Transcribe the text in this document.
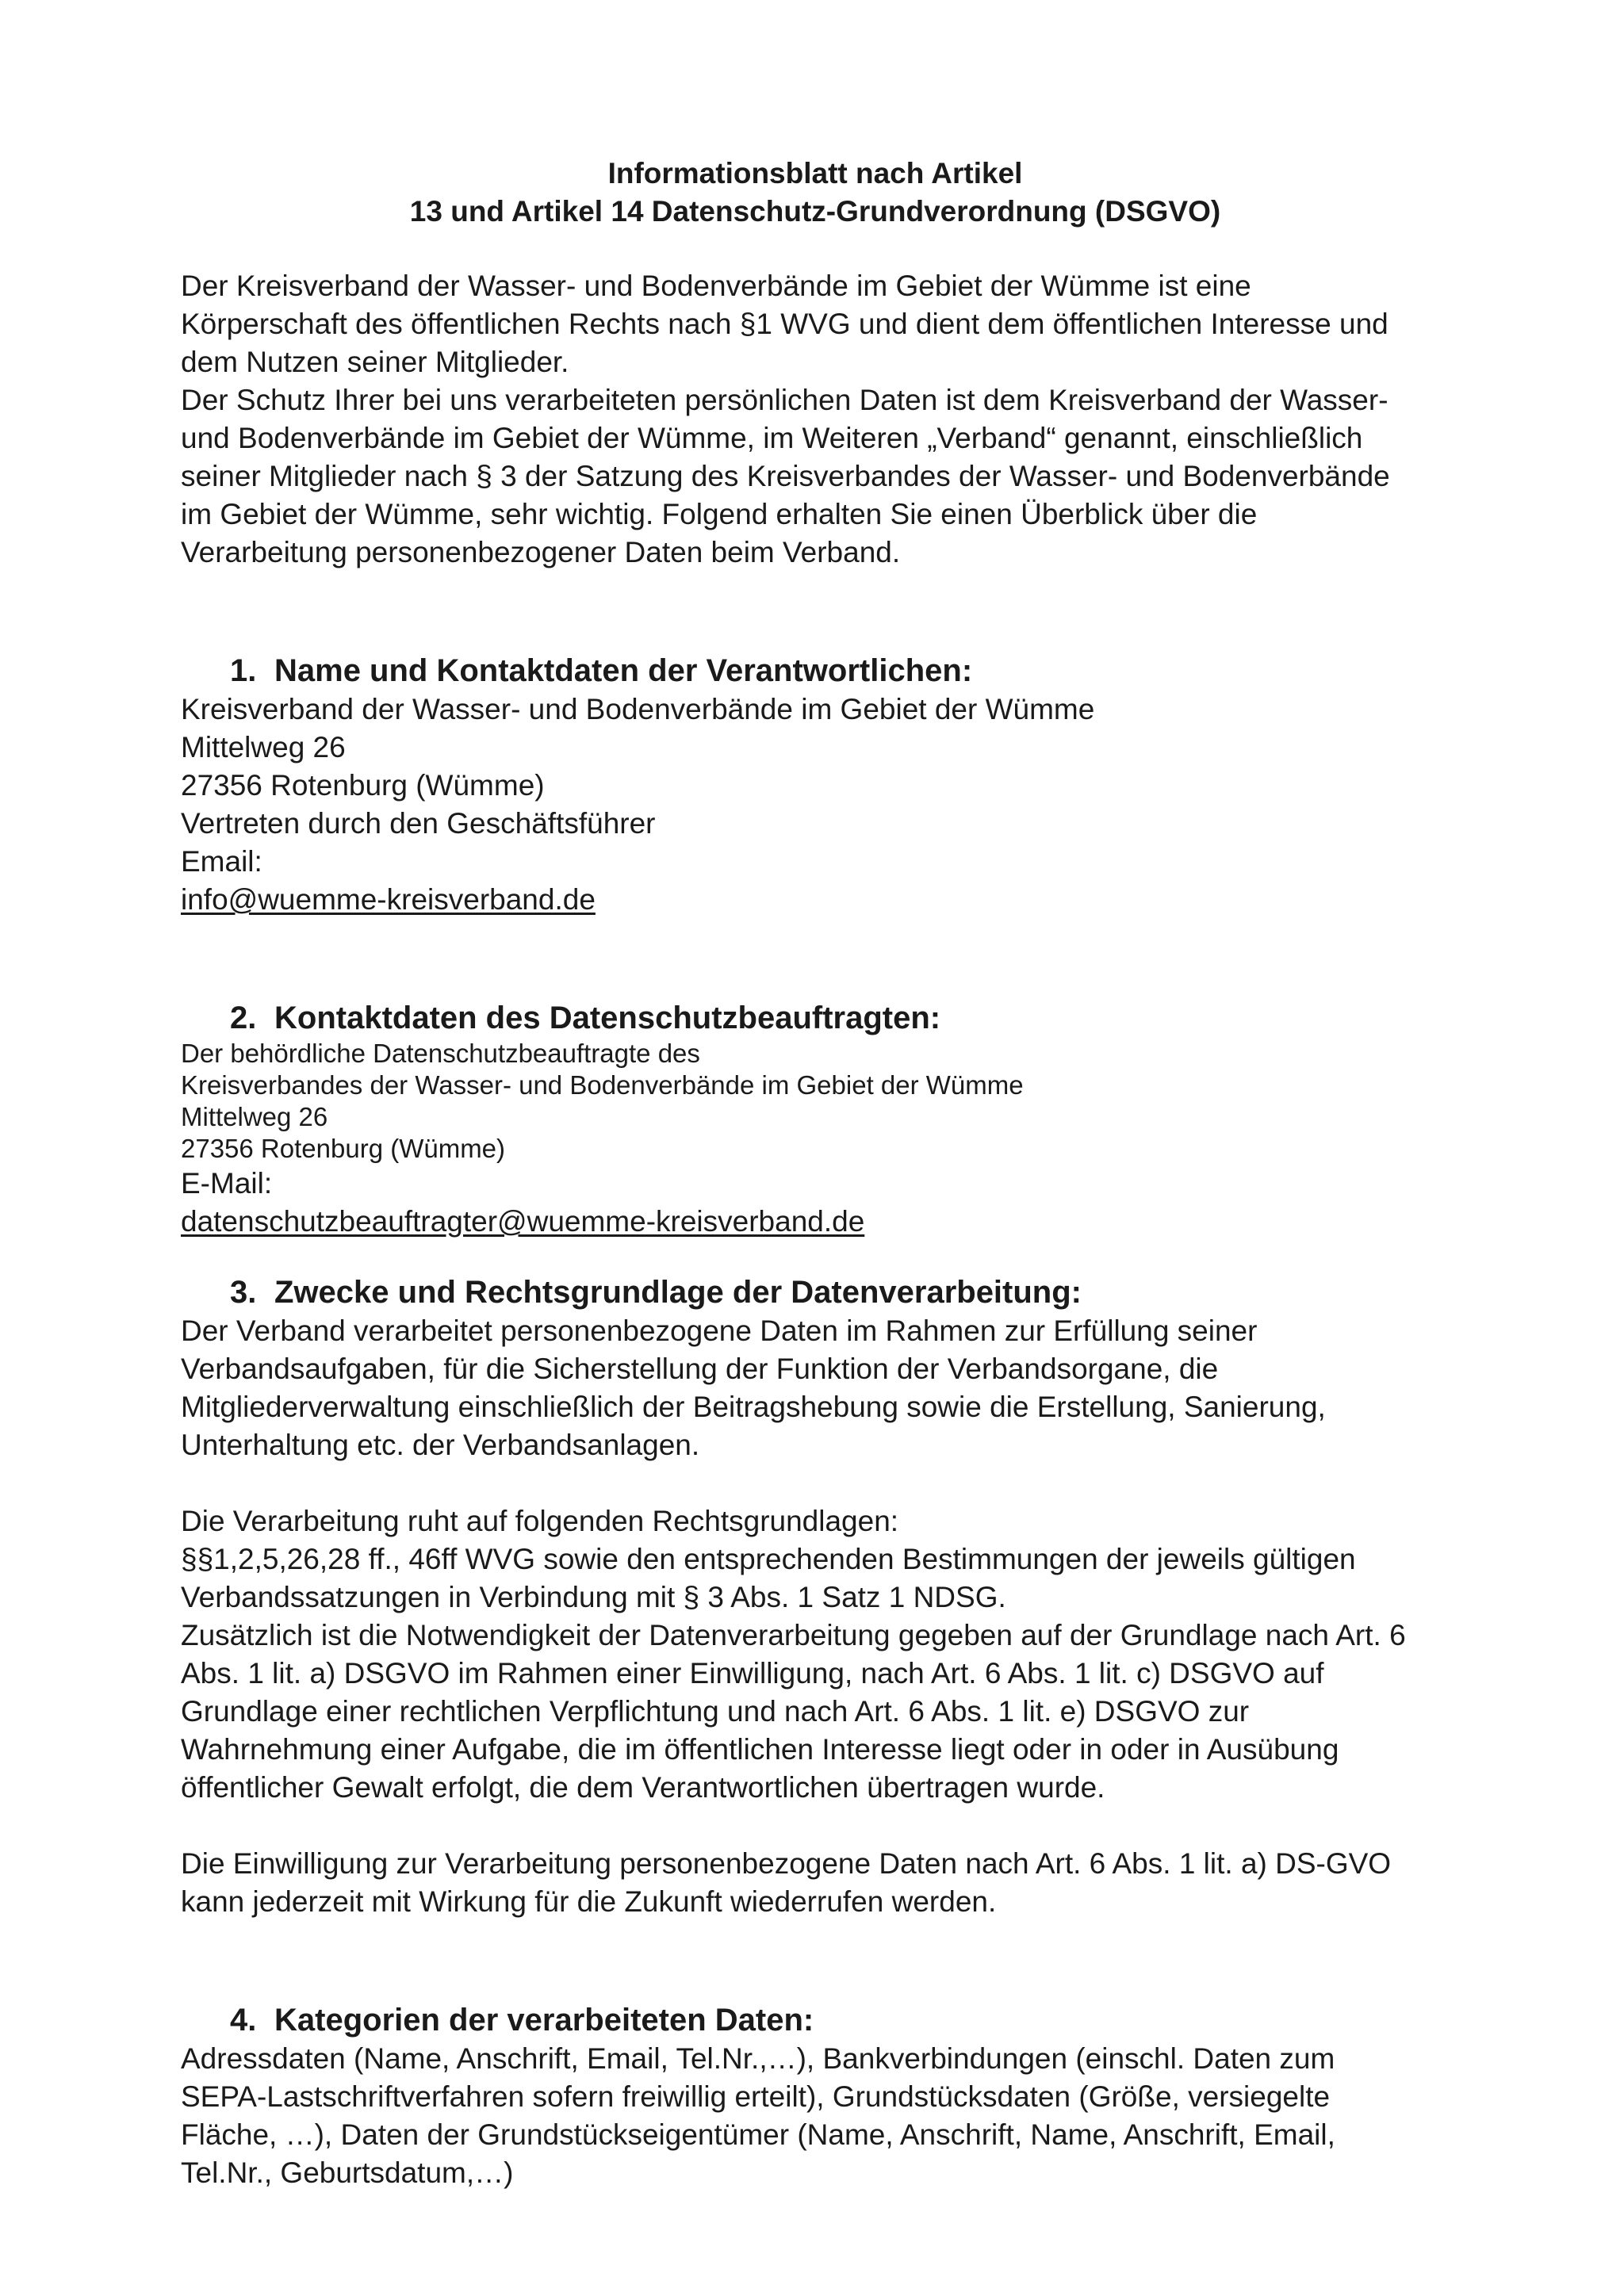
Informationsblatt nach Artikel
13 und Artikel 14 Datenschutz-Grundverordnung (DSGVO)
Der Kreisverband der Wasser- und Bodenverbände im Gebiet der Wümme ist eine
Körperschaft des öffentlichen Rechts nach §1 WVG und dient dem öffentlichen Interesse und
dem Nutzen seiner Mitglieder.
Der Schutz Ihrer bei uns verarbeiteten persönlichen Daten ist dem Kreisverband der Wasser-
und Bodenverbände im Gebiet der Wümme, im Weiteren „Verband“ genannt, einschließlich
seiner Mitglieder nach § 3 der Satzung des Kreisverbandes der Wasser- und Bodenverbände
im Gebiet der Wümme, sehr wichtig. Folgend erhalten Sie einen Überblick über die
Verarbeitung personenbezogener Daten beim Verband.
1. Name und Kontaktdaten der Verantwortlichen:
Kreisverband der Wasser- und Bodenverbände im Gebiet der Wümme
Mittelweg 26
27356 Rotenburg (Wümme)
Vertreten durch den Geschäftsführer
Email:
info@wuemme-kreisverband.de
2. Kontaktdaten des Datenschutzbeauftragten:
Der behördliche Datenschutzbeauftragte des
Kreisverbandes der Wasser- und Bodenverbände im Gebiet der Wümme
Mittelweg 26
27356 Rotenburg (Wümme)
E-Mail:
datenschutzbeauftragter@wuemme-kreisverband.de
3. Zwecke und Rechtsgrundlage der Datenverarbeitung:
Der Verband verarbeitet personenbezogene Daten im Rahmen zur Erfüllung seiner
Verbandsaufgaben, für die Sicherstellung der Funktion der Verbandsorgane, die
Mitgliederverwaltung einschließlich der Beitragshebung sowie die Erstellung, Sanierung,
Unterhaltung etc. der Verbandsanlagen.
Die Verarbeitung ruht auf folgenden Rechtsgrundlagen:
§§1,2,5,26,28 ff., 46ff WVG sowie den entsprechenden Bestimmungen der jeweils gültigen
Verbandssatzungen in Verbindung mit § 3 Abs. 1 Satz 1 NDSG.
Zusätzlich ist die Notwendigkeit der Datenverarbeitung gegeben auf der Grundlage nach Art. 6
Abs. 1 lit. a) DSGVO im Rahmen einer Einwilligung, nach Art. 6 Abs. 1 lit. c) DSGVO auf
Grundlage einer rechtlichen Verpflichtung und nach Art. 6 Abs. 1 lit. e) DSGVO zur
Wahrnehmung einer Aufgabe, die im öffentlichen Interesse liegt oder in oder in Ausübung
öffentlicher Gewalt erfolgt, die dem Verantwortlichen übertragen wurde.
Die Einwilligung zur Verarbeitung personenbezogene Daten nach Art. 6 Abs. 1 lit. a) DS-GVO
kann jederzeit mit Wirkung für die Zukunft wiederrufen werden.
4. Kategorien der verarbeiteten Daten:
Adressdaten (Name, Anschrift, Email, Tel.Nr.,…), Bankverbindungen (einschl. Daten zum
SEPA-Lastschriftverfahren sofern freiwillig erteilt), Grundstücksdaten (Größe, versiegelte
Fläche, …), Daten der Grundstückseigentümer (Name, Anschrift, Name, Anschrift, Email,
Tel.Nr., Geburtsdatum,…)
